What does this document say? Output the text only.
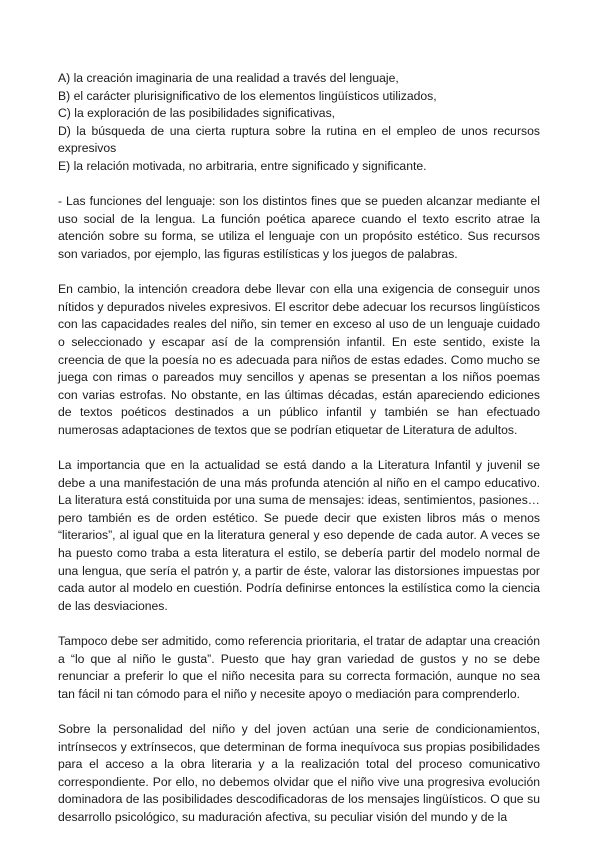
A) la creación imaginaria de una realidad a través del lenguaje,
B) el carácter plurisignificativo de los elementos lingüísticos utilizados,
C) la exploración de las posibilidades significativas,
D) la búsqueda de una cierta ruptura sobre la rutina en el empleo de unos recursos expresivos
E) la relación motivada, no arbitraria, entre significado y significante.

- Las funciones del lenguaje: son los distintos fines que se pueden alcanzar mediante el uso social de la lengua. La función poética aparece cuando el texto escrito atrae la atención sobre su forma, se utiliza el lenguaje con un propósito estético. Sus recursos son variados, por ejemplo, las figuras estilísticas y los juegos de palabras.

En cambio, la intención creadora debe llevar con ella una exigencia de conseguir unos nítidos y depurados niveles expresivos. El escritor debe adecuar los recursos lingüísticos con las capacidades reales del niño, sin temer en exceso al uso de un lenguaje cuidado o seleccionado y escapar así de la comprensión infantil. En este sentido, existe la creencia de que la poesía no es adecuada para niños de estas edades. Como mucho se juega con rimas o pareados muy sencillos y apenas se presentan a los niños poemas con varias estrofas. No obstante, en las últimas décadas, están apareciendo ediciones de textos poéticos destinados a un público infantil y también se han efectuado numerosas adaptaciones de textos que se podrían etiquetar de Literatura de adultos.

La importancia que en la actualidad se está dando a la Literatura Infantil y juvenil se debe a una manifestación de una más profunda atención al niño en el campo educativo. La literatura está constituida por una suma de mensajes: ideas, sentimientos, pasiones… pero también es de orden estético. Se puede decir que existen libros más o menos “literarios”, al igual que en la literatura general y eso depende de cada autor. A veces se ha puesto como traba a esta literatura el estilo, se debería partir del modelo normal de una lengua, que sería el patrón y, a partir de éste, valorar las distorsiones impuestas por cada autor al modelo en cuestión. Podría definirse entonces la estilística como la ciencia de las desviaciones.

Tampoco debe ser admitido, como referencia prioritaria, el tratar de adaptar una creación a “lo que al niño le gusta”. Puesto que hay gran variedad de gustos y no se debe renunciar a preferir lo que el niño necesita para su correcta formación, aunque no sea tan fácil ni tan cómodo para el niño y necesite apoyo o mediación para comprenderlo.

Sobre la personalidad del niño y del joven actúan una serie de condicionamientos, intrínsecos y extrínsecos, que determinan de forma inequívoca sus propias posibilidades para el acceso a la obra literaria y a la realización total del proceso comunicativo correspondiente. Por ello, no debemos olvidar que el niño vive una progresiva evolución dominadora de las posibilidades descodificadoras de los mensajes lingüísticos. O que su desarrollo psicológico, su maduración afectiva, su peculiar visión del mundo y de la
